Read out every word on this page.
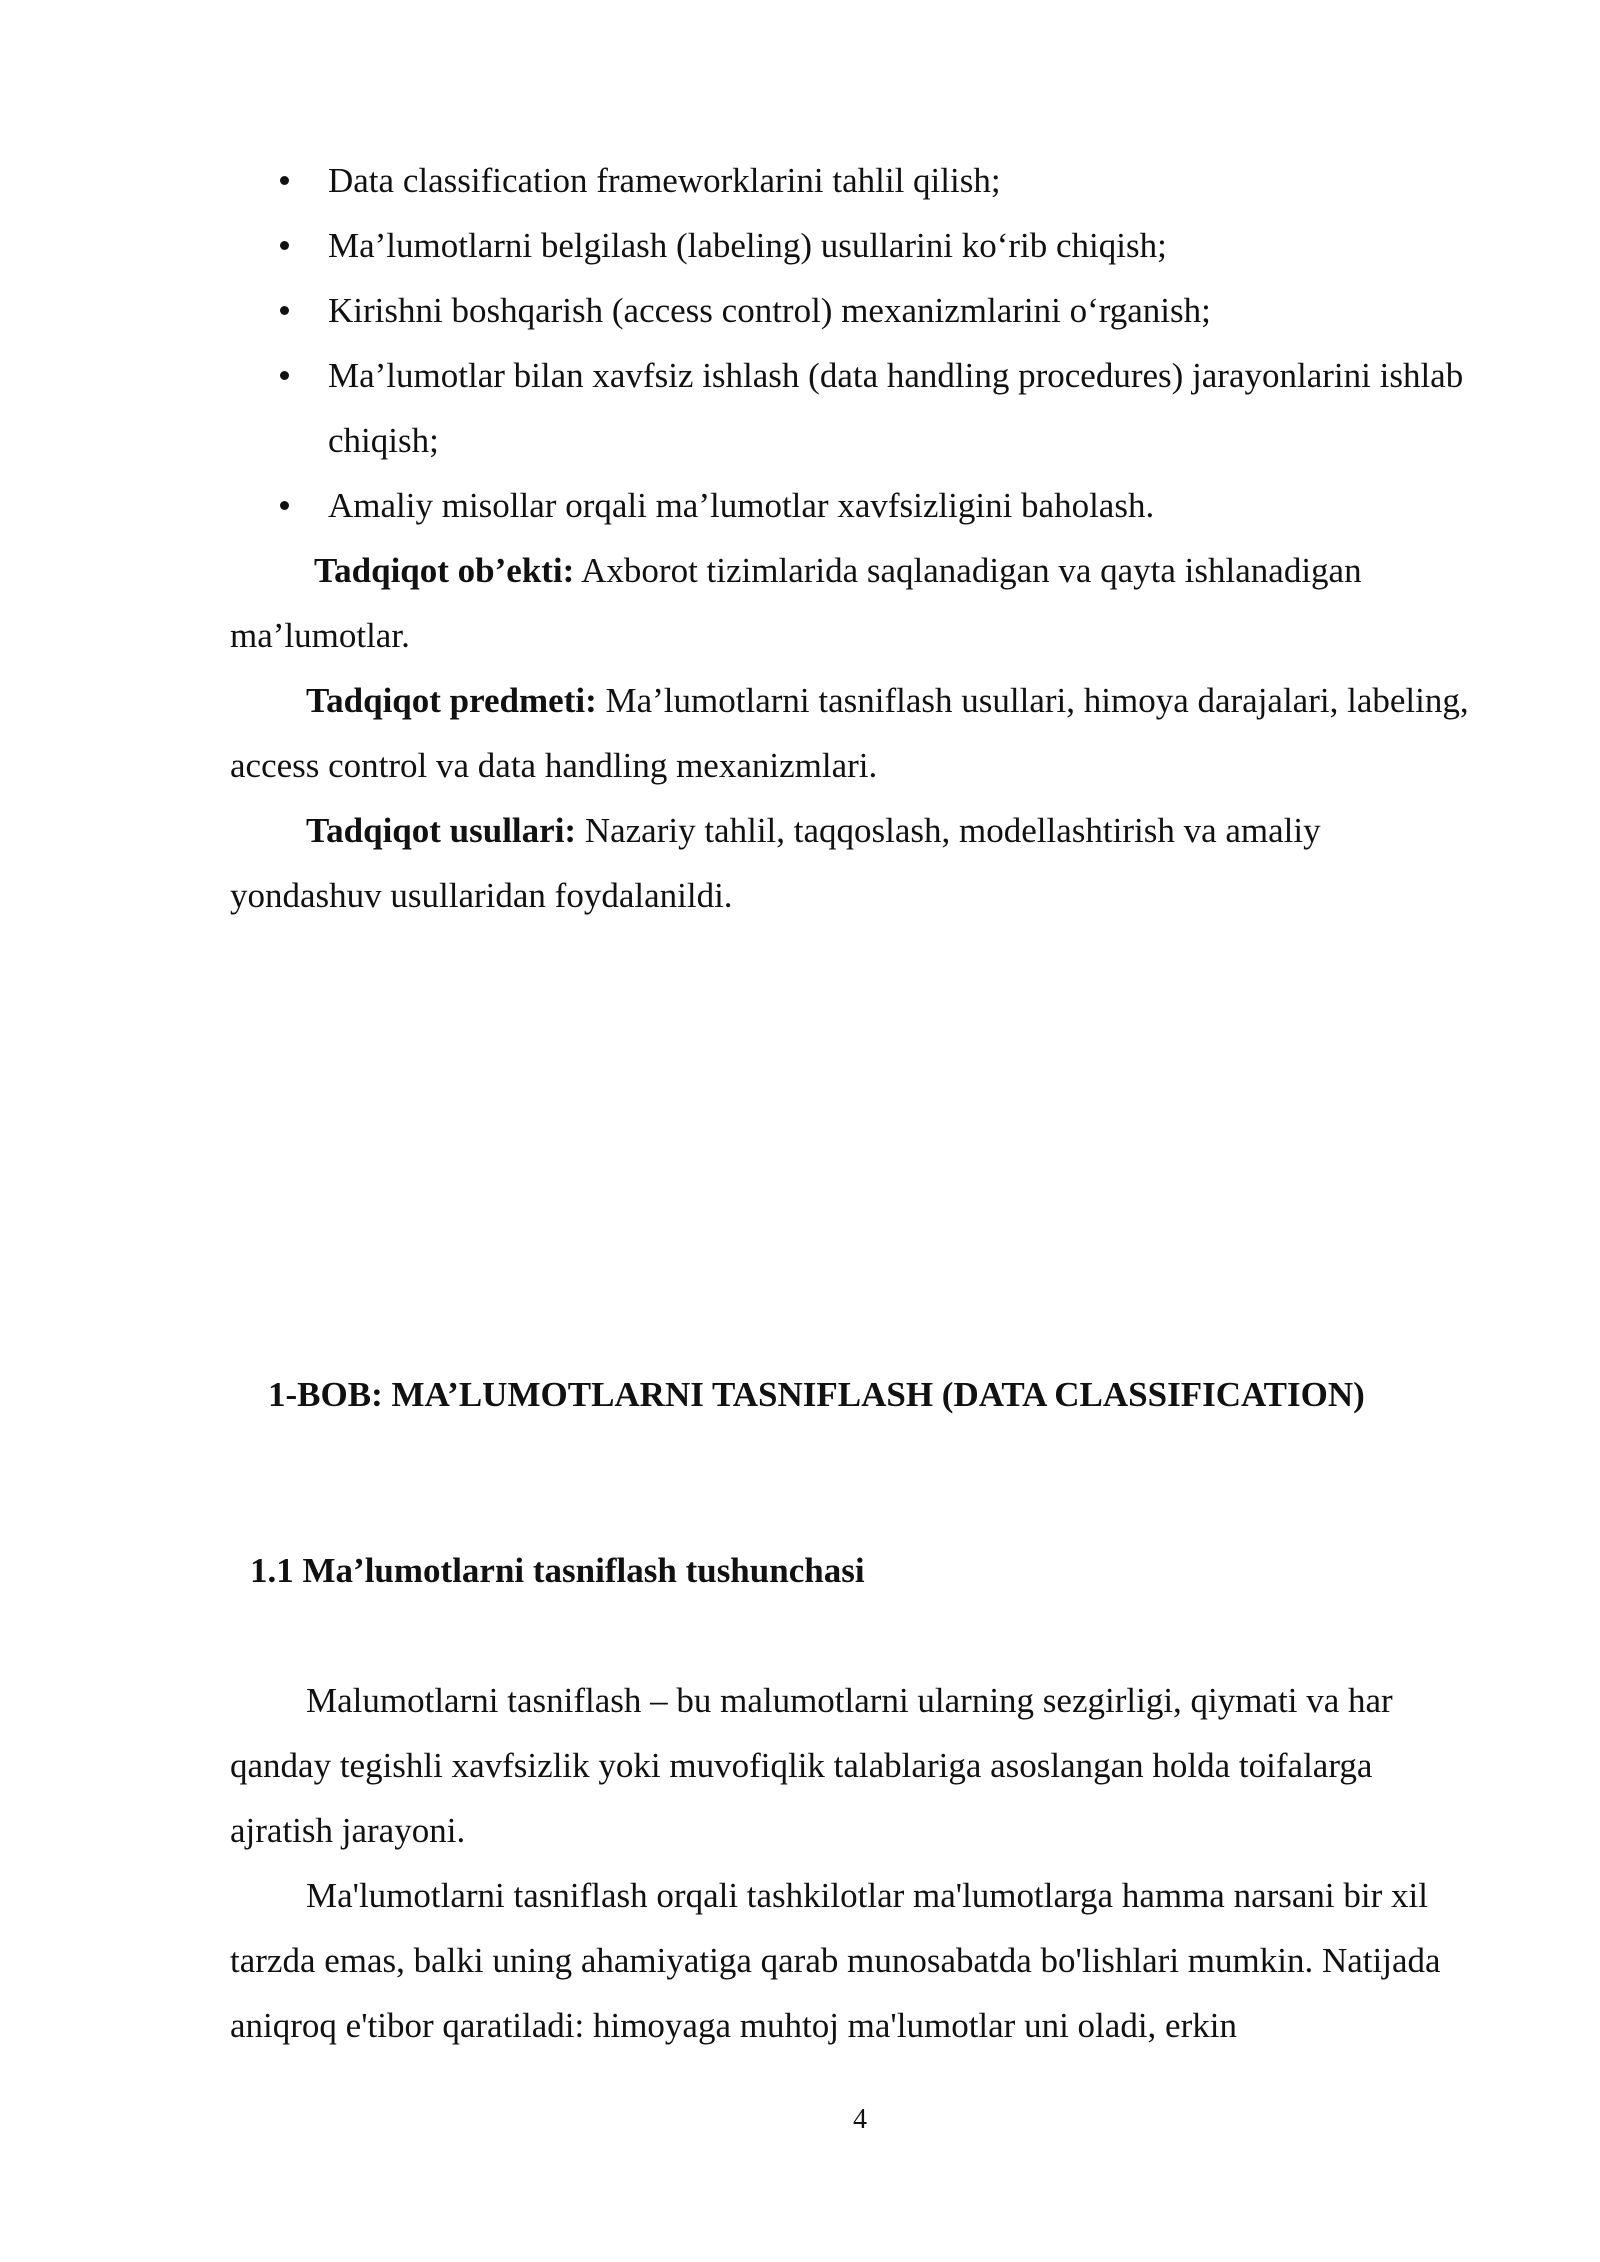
Data classification frameworklarini tahlil qilish;
Ma’lumotlarni belgilash (labeling) usullarini ko‘rib chiqish;
Kirishni boshqarish (access control) mexanizmlarini o‘rganish;
Ma’lumotlar bilan xavfsiz ishlash (data handling procedures) jarayonlarini ishlab chiqish;
Amaliy misollar orqali ma’lumotlar xavfsizligini baholash.

Tadqiqot ob’ekti: Axborot tizimlarida saqlanadigan va qayta ishlanadigan ma’lumotlar.

Tadqiqot predmeti: Ma’lumotlarni tasniflash usullari, himoya darajalari, labeling, access control va data handling mexanizmlari.

Tadqiqot usullari: Nazariy tahlil, taqqoslash, modellashtirish va amaliy yondashuv usullaridan foydalanildi.

1-BOB: MA’LUMOTLARNI TASNIFLASH (DATA CLASSIFICATION)
1.1 Ma’lumotlarni tasniflash tushunchasi

Malumotlarni tasniflash – bu malumotlarni ularning sezgirligi, qiymati va har qanday tegishli xavfsizlik yoki muvofiqlik talablariga asoslangan holda toifalarga ajratish jarayoni.

Ma'lumotlarni tasniflash orqali tashkilotlar ma'lumotlarga hamma narsani bir xil tarzda emas, balki uning ahamiyatiga qarab munosabatda bo'lishlari mumkin. Natijada aniqroq e'tibor qaratiladi: himoyaga muhtoj ma'lumotlar uni oladi, erkin

4
